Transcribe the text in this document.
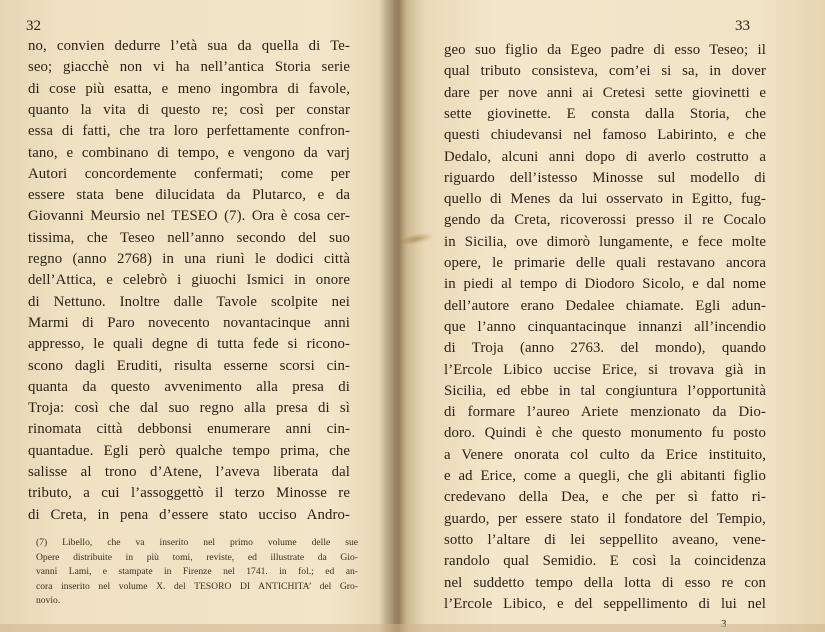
32
no, convien dedurre l’età sua da quella di Te-
seo; giacchè non vi ha nell’antica Storia serie
di cose più esatta, e meno ingombra di favole,
quanto la vita di questo re; così per constar
essa di fatti, che tra loro perfettamente confron-
tano, e combinano di tempo, e vengono da varj
Autori concordemente confermati; come per
essere stata bene dilucidata da Plutarco, e da
Giovanni Meursio nel TESEO (7). Ora è cosa cer-
tissima, che Teseo nell’anno secondo del suo
regno (anno 2768) in una riunì le dodici città
dell’Attica, e celebrò i giuochi Ismici in onore
di Nettuno. Inoltre dalle Tavole scolpite nei
Marmi di Paro novecento novantacinque anni
appresso, le quali degne di tutta fede si ricono-
scono dagli Eruditi, risulta esserne scorsi cin-
quanta da questo avvenimento alla presa di
Troja: così che dal suo regno alla presa di sì
rinomata città debbonsi enumerare anni cin-
quantadue. Egli però qualche tempo prima, che
salisse al trono d’Atene, l’aveva liberata dal
tributo, a cui l’assoggettò il terzo Minosse re
di Creta, in pena d’essere stato ucciso Andro-
(7) Libello, che va inserito nel primo volume delle sue
Opere distribuite in più tomi, reviste, ed illustrate da Gio-
vanni Lami, e stampate in Firenze nel 1741. in fol.; ed an-
cora inserito nel volume X. del TESORO DI ANTICHITA’ del Gro-
novio.
33
geo suo figlio da Egeo padre di esso Teseo; il
qual tributo consisteva, com’ei si sa, in dover
dare per nove anni ai Cretesi sette giovinetti e
sette giovinette. E consta dalla Storia, che
questi chiudevansi nel famoso Labirinto, e che
Dedalo, alcuni anni dopo di averlo costrutto a
riguardo dell’istesso Minosse sul modello di
quello di Menes da lui osservato in Egitto, fug-
gendo da Creta, ricoverossi presso il re Cocalo
in Sicilia, ove dimorò lungamente, e fece molte
opere, le primarie delle quali restavano ancora
in piedi al tempo di Diodoro Sicolo, e dal nome
dell’autore erano Dedalee chiamate. Egli adun-
que l’anno cinquantacinque innanzi all’incendio
di Troja (anno 2763. del mondo), quando
l’Ercole Libico uccise Erice, si trovava già in
Sicilia, ed ebbe in tal congiuntura l’opportunità
di formare l’aureo Ariete menzionato da Dio-
doro. Quindi è che questo monumento fu posto
a Venere onorata col culto da Erice instituito,
e ad Erice, come a quegli, che gli abitanti figlio
credevano della Dea, e che per sì fatto ri-
guardo, per essere stato il fondatore del Tempio,
sotto l’altare di lei seppellito aveano, vene-
randolo qual Semidio. E così la coincidenza
nel suddetto tempo della lotta di esso re con
l’Ercole Libico, e del seppellimento di lui nel
